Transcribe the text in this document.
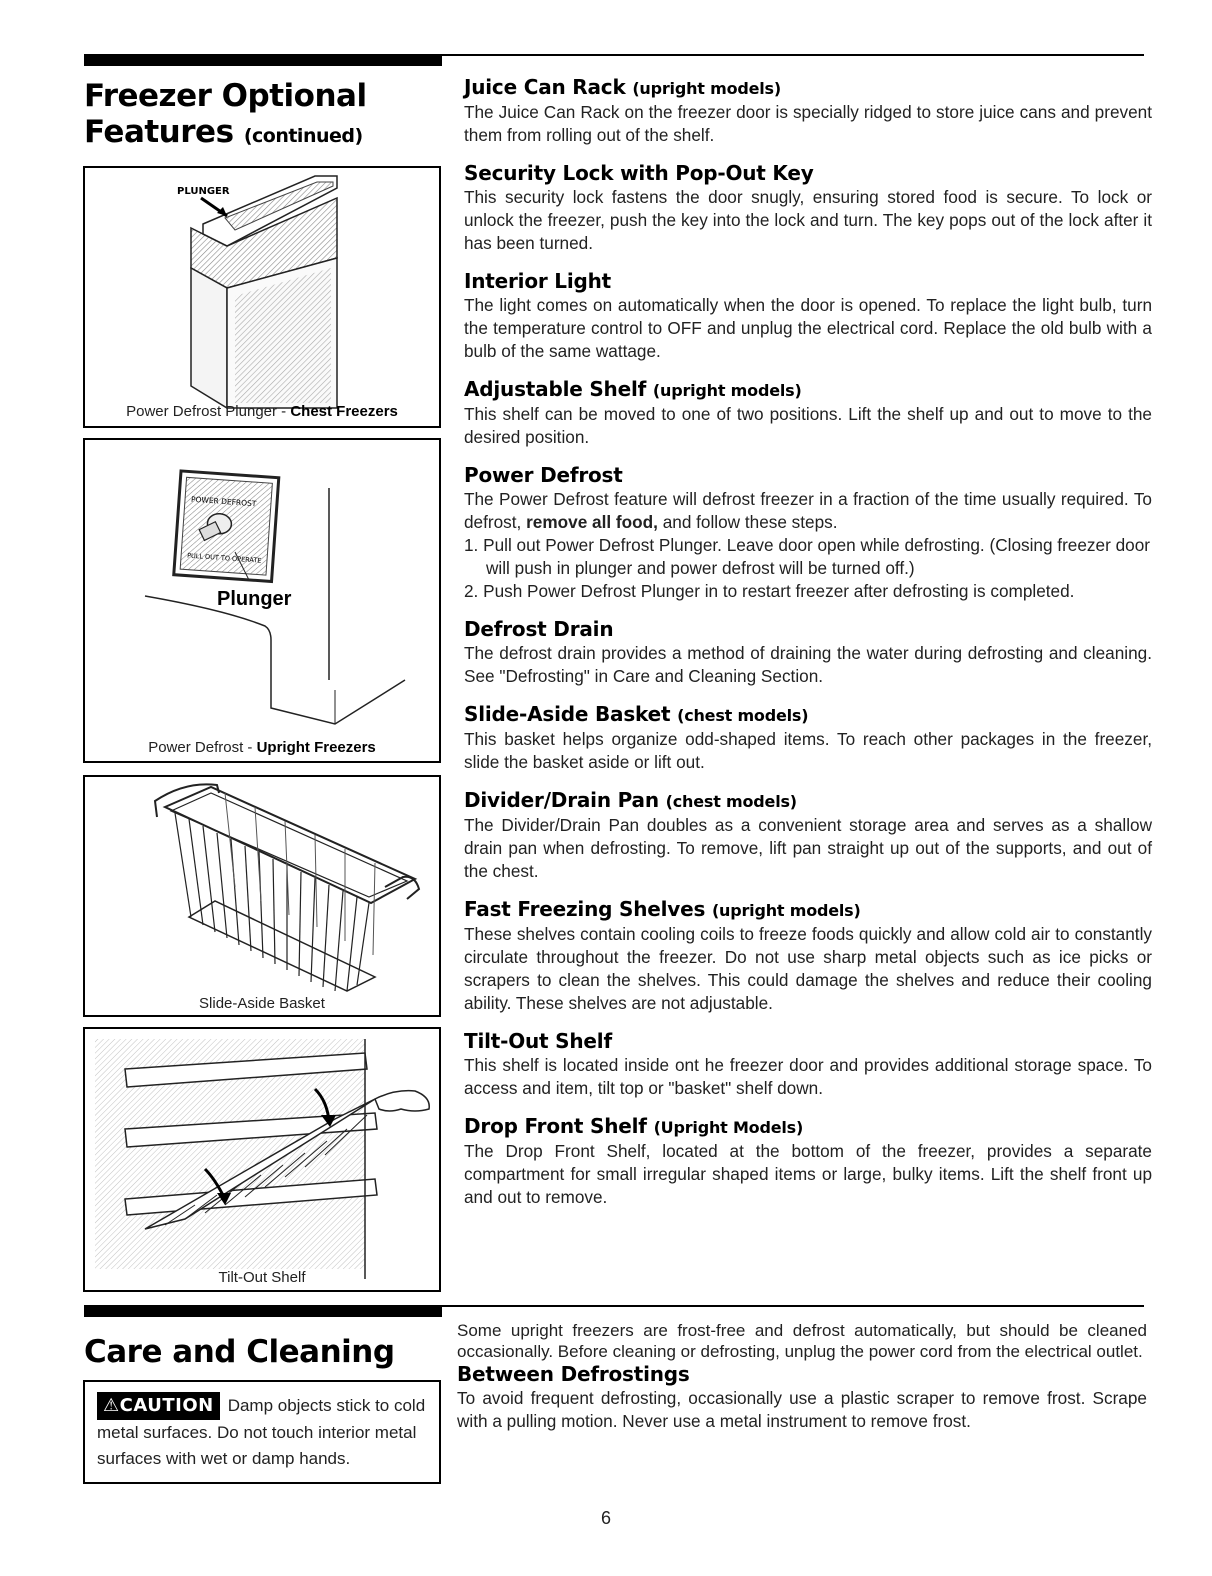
Freezer Optional
Features (continued)
PLUNGER
Power Defrost Plunger - Chest Freezers
POWER DEFROST
PULL OUT TO OPERATE
Plunger
Power Defrost - Upright Freezers
Slide-Aside Basket
Tilt-Out Shelf
Juice Can Rack (upright models)

The Juice Can Rack on the freezer door is specially ridged to store juice cans and prevent them from rolling out of the shelf.

Security Lock with Pop-Out Key

This security lock fastens the door snugly, ensuring stored food is secure. To lock or unlock the freezer, push the key into the lock and turn. The key pops out of the lock after it has been turned.

Interior Light

The light comes on automatically when the door is opened. To replace the light bulb, turn the temperature control to OFF and unplug the electrical cord. Replace the old bulb with a bulb of the same wattage.

Adjustable Shelf (upright models)

This shelf can be moved to one of two positions. Lift the shelf up and out to move to the desired position.

Power Defrost

The Power Defrost feature will defrost freezer in a fraction of the time usually required. To defrost, remove all food, and follow these steps.

1. Pull out Power Defrost Plunger. Leave door open while defrosting. (Closing freezer door will push in plunger and power defrost will be turned off.)
2. Push Power Defrost Plunger in to restart freezer after defrosting is completed.
Defrost Drain

The defrost drain provides a method of draining the water during defrosting and cleaning. See "Defrosting" in Care and Cleaning Section.

Slide-Aside Basket (chest models)

This basket helps organize odd-shaped items. To reach other packages in the freezer, slide the basket aside or lift out.

Divider/Drain Pan (chest models)

The Divider/Drain Pan doubles as a convenient storage area and serves as a shallow drain pan when defrosting. To remove, lift pan straight up out of the supports, and out of the chest.

Fast Freezing Shelves (upright models)

These shelves contain cooling coils to freeze foods quickly and allow cold air to constantly circulate throughout the freezer. Do not use sharp metal objects such as ice picks or scrapers to clean the shelves. This could damage the shelves and reduce their cooling ability. These shelves are not adjustable.

Tilt-Out Shelf

This shelf is located inside ont he freezer door and provides additional storage space. To access and item, tilt top or "basket" shelf down.

Drop Front Shelf (Upright Models)

The Drop Front Shelf, located at the bottom of the freezer, provides a separate compartment for small irregular shaped items or large, bulky items. Lift the shelf front up and out to remove.

Care and Cleaning
⚠CAUTION Damp objects stick to cold metal surfaces. Do not touch interior metal surfaces with wet or damp hands.

Some upright freezers are frost-free and defrost automatically, but should be cleaned occasionally. Before cleaning or defrosting, unplug the power cord from the electrical outlet.

Between Defrostings

To avoid frequent defrosting, occasionally use a plastic scraper to remove frost. Scrape with a pulling motion. Never use a metal instrument to remove frost.

6
